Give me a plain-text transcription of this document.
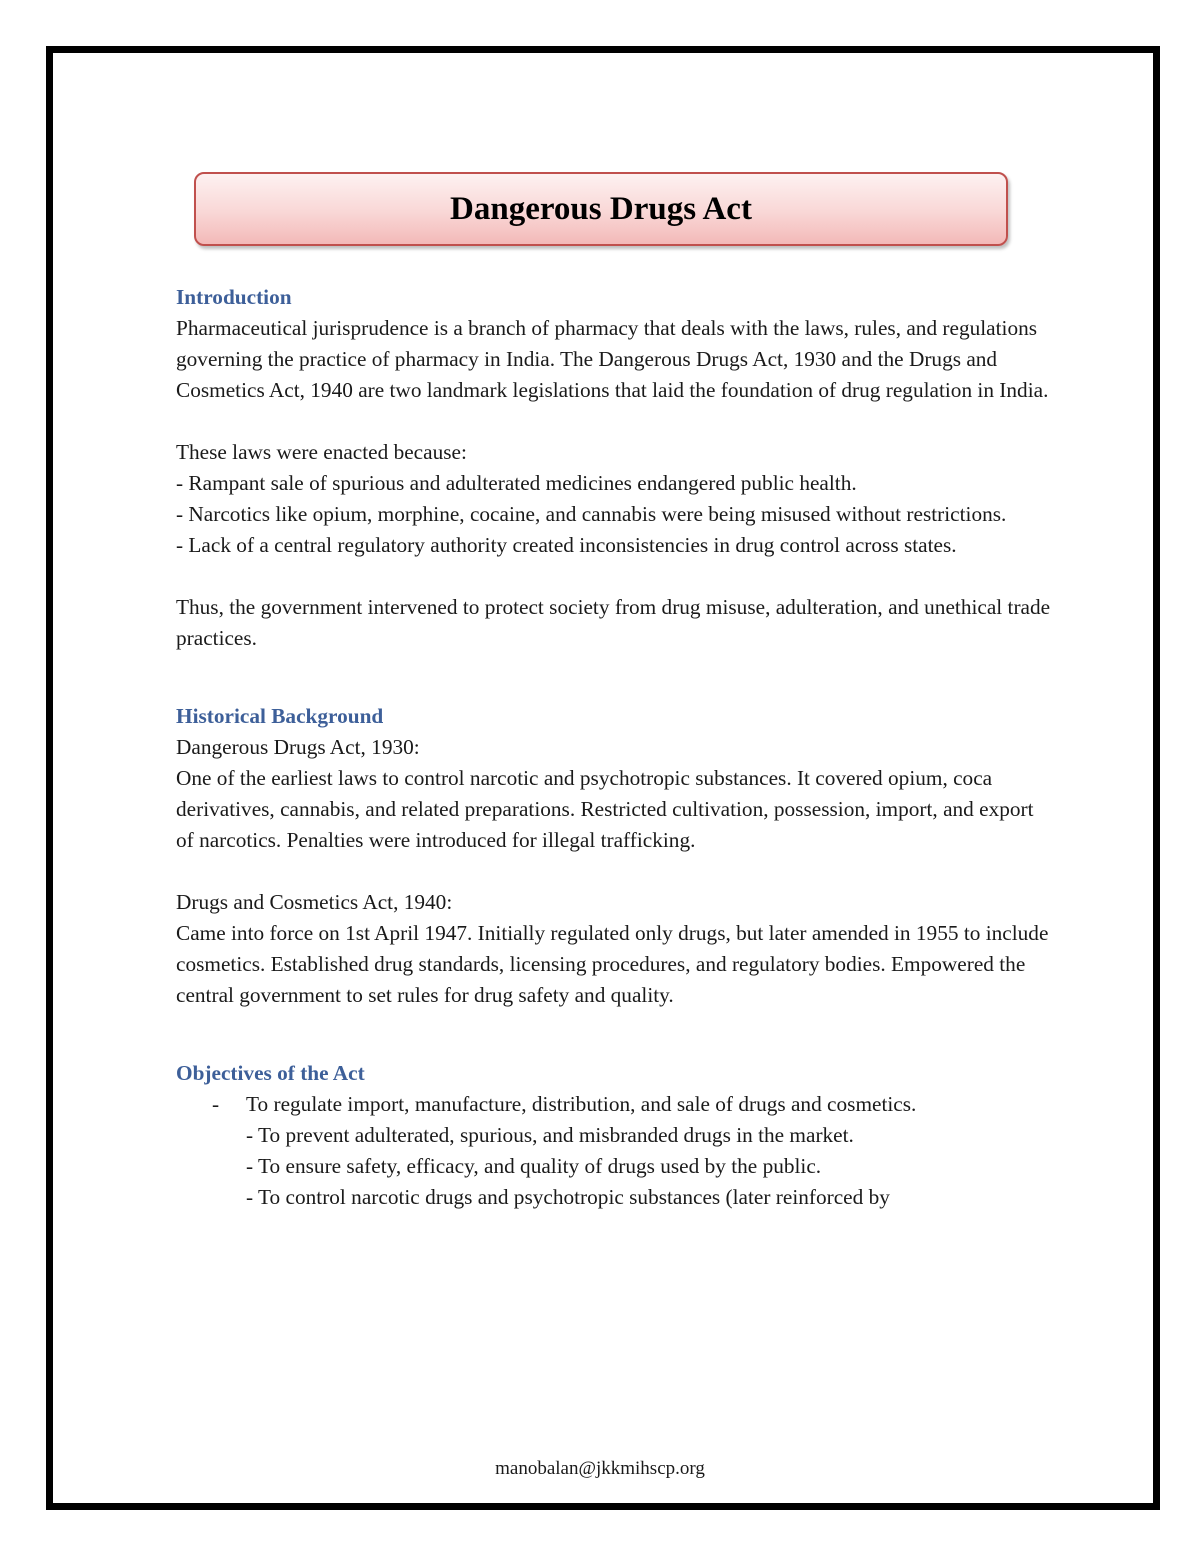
Dangerous Drugs Act
Introduction

Pharmaceutical jurisprudence is a branch of pharmacy that deals with the laws, rules, and regulations governing the practice of pharmacy in India. The Dangerous Drugs Act, 1930 and the Drugs and Cosmetics Act, 1940 are two landmark legislations that laid the foundation of drug regulation in India.

These laws were enacted because:

- Rampant sale of spurious and adulterated medicines endangered public health.

- Narcotics like opium, morphine, cocaine, and cannabis were being misused without restrictions.

- Lack of a central regulatory authority created inconsistencies in drug control across states.

Thus, the government intervened to protect society from drug misuse, adulteration, and unethical trade practices.

Historical Background

Dangerous Drugs Act, 1930:

One of the earliest laws to control narcotic and psychotropic substances. It covered opium, coca derivatives, cannabis, and related preparations. Restricted cultivation, possession, import, and export of narcotics. Penalties were introduced for illegal trafficking.

Drugs and Cosmetics Act, 1940:

Came into force on 1st April 1947. Initially regulated only drugs, but later amended in 1955 to include cosmetics. Established drug standards, licensing procedures, and regulatory bodies. Empowered the central government to set rules for drug safety and quality.

Objectives of the Act
- To regulate import, manufacture, distribution, and sale of drugs and cosmetics.
- To prevent adulterated, spurious, and misbranded drugs in the market.
- To ensure safety, efficacy, and quality of drugs used by the public.
- To control narcotic drugs and psychotropic substances (later reinforced by
manobalan@jkkmihscp.org
